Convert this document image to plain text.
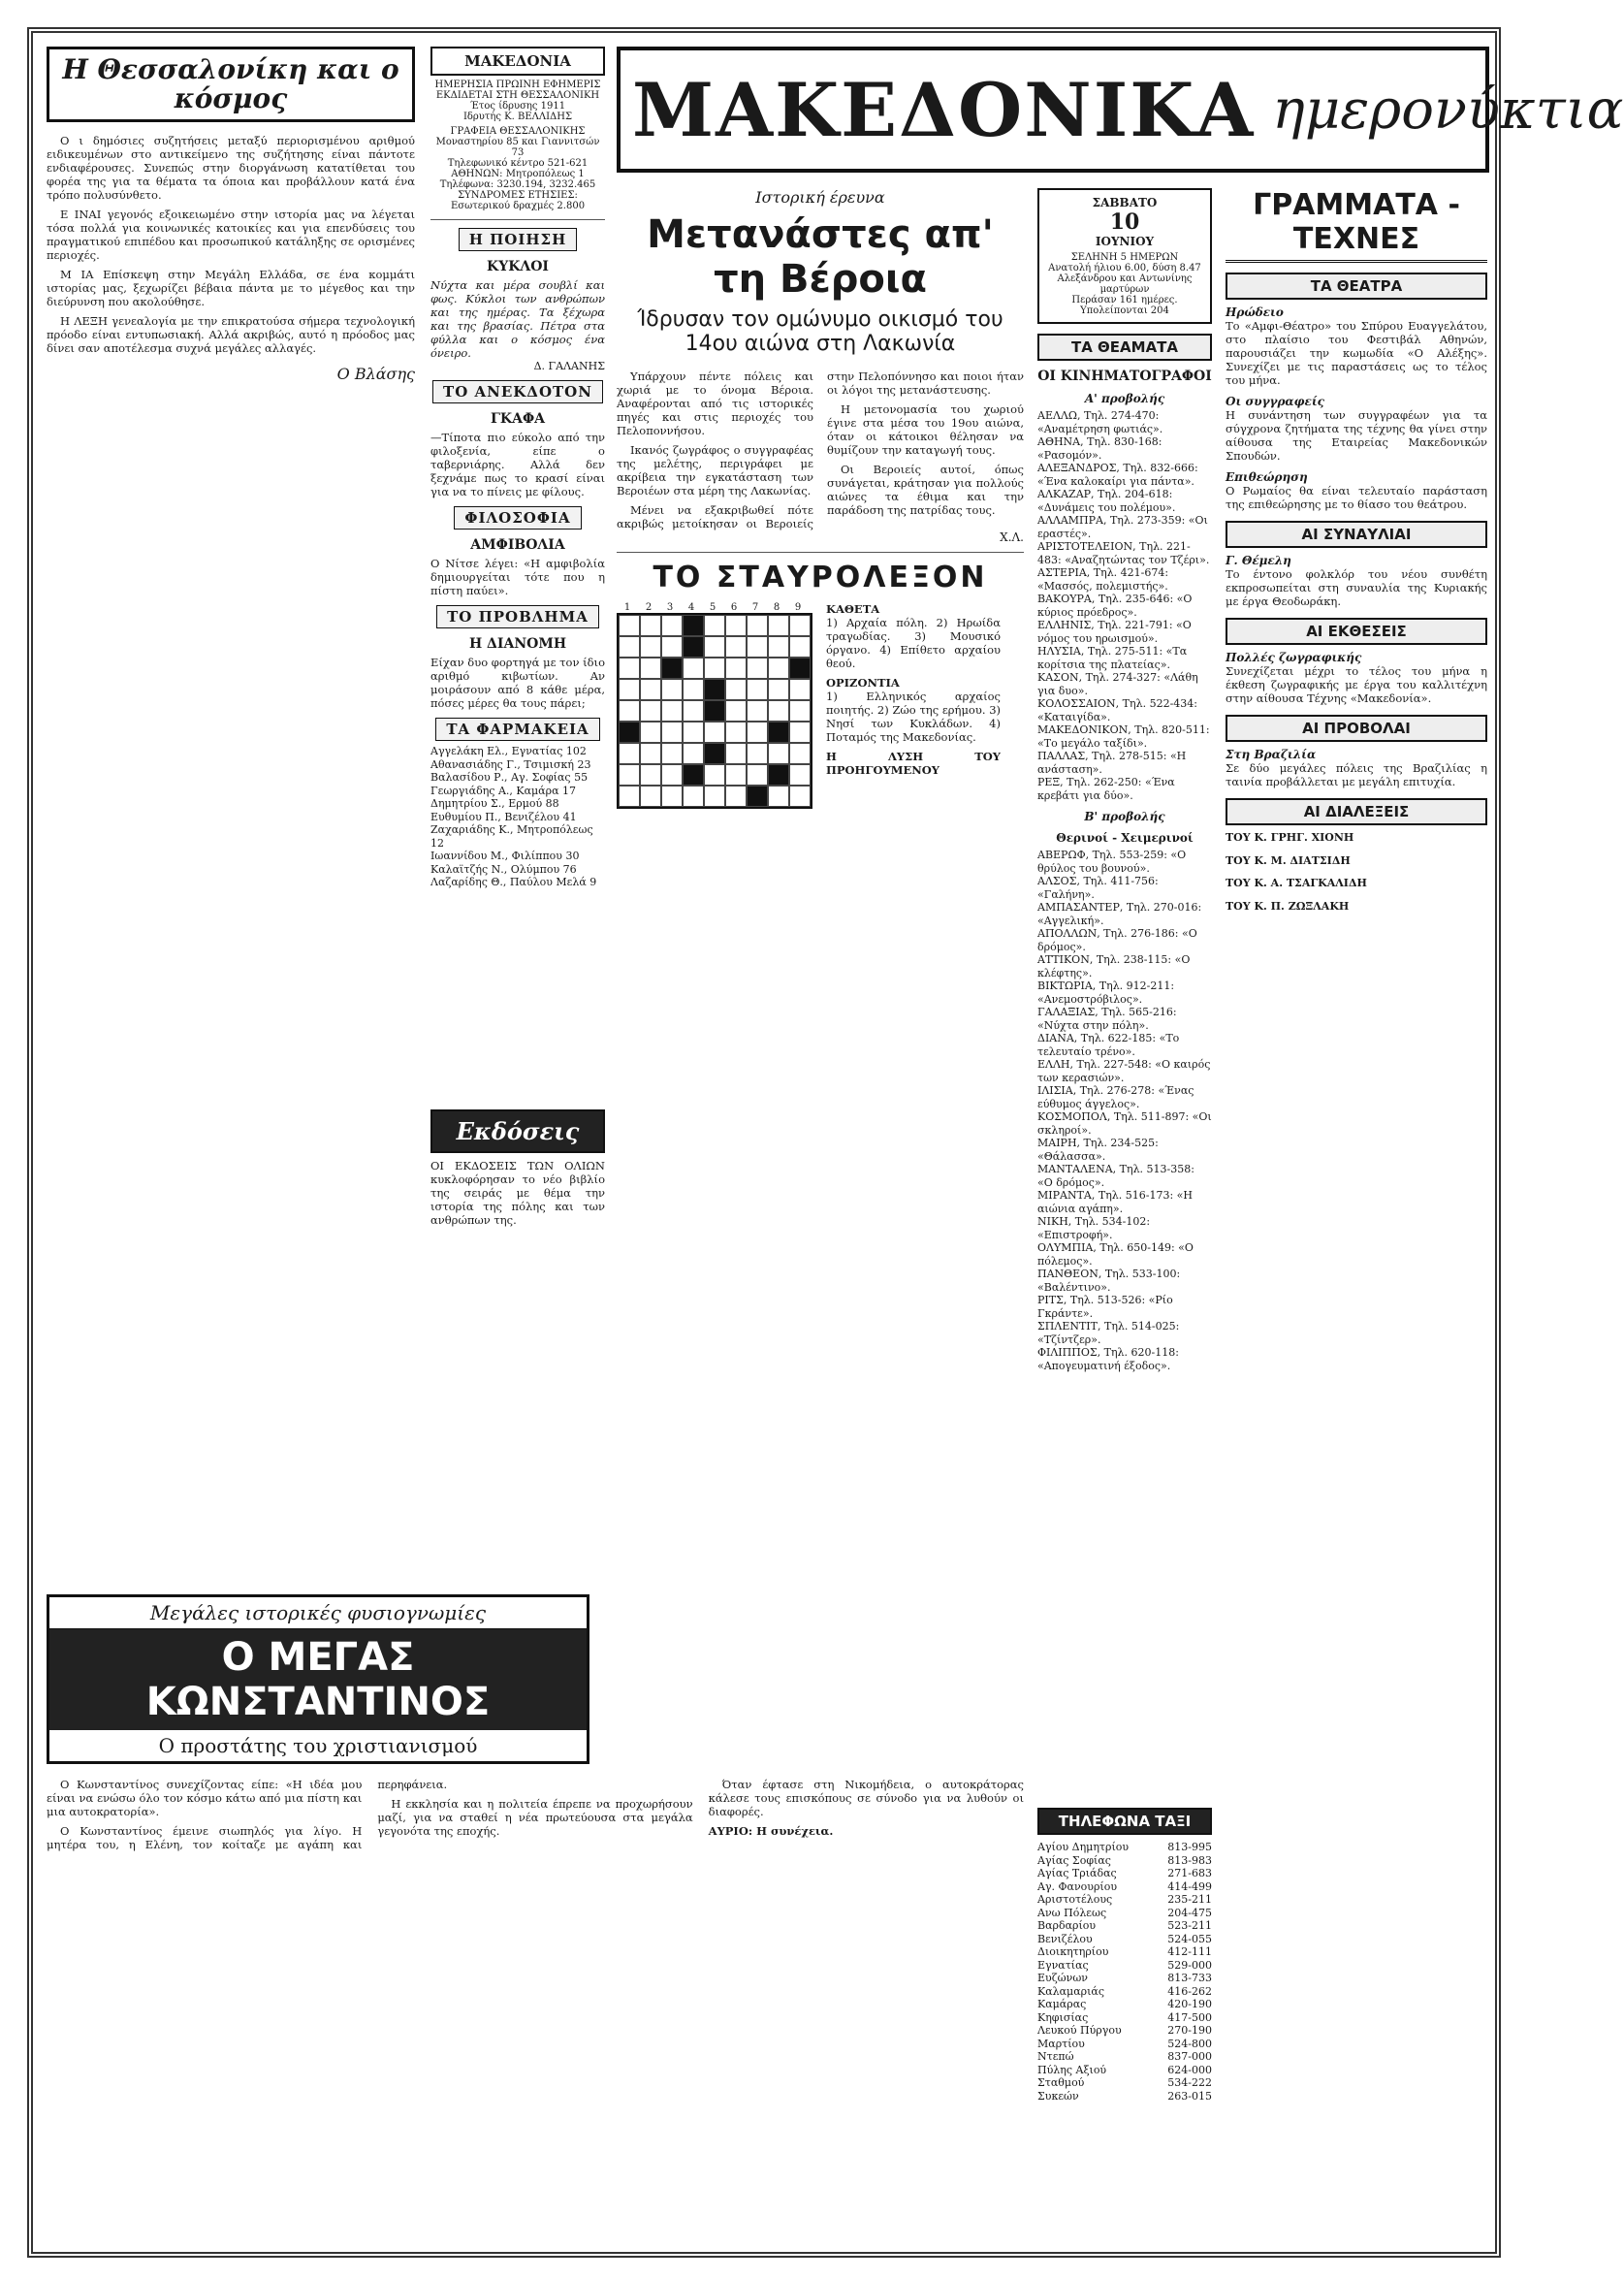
Η Θεσσαλονίκη και ο κόσμος

Ο ι δημόσιες συζητήσεις μεταξύ περιορισμένου αριθμού ειδικευμένων στο αντικείμενο της συζήτησης είναι πάντοτε ενδιαφέρουσες. Συνεπώς στην διοργάνωση κατατίθεται του φορέα της για τα θέματα τα όποια και προβάλλουν κατά ένα τρόπο πολυσύνθετο.

Ε ΙΝΑΙ γεγονός εξοικειωμένο στην ιστορία μας να λέγεται τόσα πολλά για κοινωνικές κατοικίες και για επενδύσεις του πραγματικού επιπέδου και προσωπικού κατάληξης σε ορισμένες περιοχές.

Μ ΙΑ Επίσκεψη στην Μεγάλη Ελλάδα, σε ένα κομμάτι ιστορίας μας, ξεχωρίζει βέβαια πάντα με το μέγεθος και την διεύρυνση που ακολούθησε.

Η ΛΕΞΗ γενεαλογία με την επικρατούσα σήμερα τεχνολογική πρόοδο είναι εντυπωσιακή. Αλλά ακριβώς, αυτό η πρόοδος μας δίνει σαν αποτέλεσμα συχνά μεγάλες αλλαγές.

Ο Βλάσης
ΜΑΚΕΔΟΝΙΑ
ΗΜΕΡΗΣΙΑ ΠΡΩΙΝΗ ΕΦΗΜΕΡΙΣ ΕΚΔΙΔΕΤΑΙ ΣΤΗ ΘΕΣΣΑΛΟΝΙΚΗ
Έτος ίδρυσης 1911
Ιδρυτής Κ. ΒΕΛΛΙΔΗΣ
ΓΡΑΦΕΙΑ ΘΕΣΣΑΛΟΝΙΚΗΣ Μοναστηρίου 85 και Γιαννιτσών 73
Τηλεφωνικό κέντρο 521-621
ΑΘΗΝΩΝ: Μητροπόλεως 1 Τηλέφωνα: 3230.194, 3232.465
ΣΥΝΔΡΟΜΕΣ ΕΤΗΣΙΕΣ: Εσωτερικού δραχμές 2.800
Η ΠΟΙΗΣΗ
ΚΥΚΛΟΙ
Νύχτα και μέρα σουβλί και φως. Κύκλοι των ανθρώπων και της ημέρας. Τα ξέχωρα και της βρασίας. Πέτρα στα φύλλα και ο κόσμος ένα όνειρο.
Δ. ΓΑΛΑΝΗΣ
ΤΟ ΑΝΕΚΔΟΤΟΝ
ΓΚΑΦΑ
—Τίποτα πιο εύκολο από την φιλοξενία, είπε ο ταβερνιάρης. Αλλά δεν ξεχνάμε πως το κρασί είναι για να το πίνεις με φίλους.
ΦΙΛΟΣΟΦΙΑ
ΑΜΦΙΒΟΛΙΑ
Ο Νίτσε λέγει: «Η αμφιβολία δημιουργείται τότε που η πίστη παύει».
ΤΟ ΠΡΟΒΛΗΜΑ
Η ΔΙΑΝΟΜΗ
Είχαν δυο φορτηγά με τον ίδιο αριθμό κιβωτίων. Αν μοιράσουν από 8 κάθε μέρα, πόσες μέρες θα τους πάρει;
ΤΑ ΦΑΡΜΑΚΕΙΑ
Αγγελάκη Ελ., Εγνατίας 102
Αθανασιάδης Γ., Τσιμισκή 23
Βαλασίδου Ρ., Αγ. Σοφίας 55
Γεωργιάδης Α., Καμάρα 17
Δημητρίου Σ., Ερμού 88
Ευθυμίου Π., Βενιζέλου 41
Ζαχαριάδης Κ., Μητροπόλεως 12
Ιωαννίδου Μ., Φιλίππου 30
Καλαϊτζής Ν., Ολύμπου 76
Λαζαρίδης Θ., Παύλου Μελά 9
ΜΑΚΕΔΟΝΙΚΑ ημερονύκτια
Ιστορική έρευνα
Μετανάστες απ' τη Βέροια
Ίδρυσαν τον ομώνυμο οικισμό του 14ου αιώνα στη Λακωνία

Υπάρχουν πέντε πόλεις και χωριά με το όνομα Βέροια. Αναφέρονται από τις ιστορικές πηγές και στις περιοχές του Πελοποννήσου.

Ικανός ζωγράφος ο συγγραφέας της μελέτης, περιγράφει με ακρίβεια την εγκατάσταση των Βεροιέων στα μέρη της Λακωνίας.

Μένει να εξακριβωθεί πότε ακριβώς μετοίκησαν οι Βεροιείς στην Πελοπόννησο και ποιοι ήταν οι λόγοι της μετανάστευσης.

Η μετονομασία του χωριού έγινε στα μέσα του 19ου αιώνα, όταν οι κάτοικοι θέλησαν να θυμίζουν την καταγωγή τους.

Οι Βεροιείς αυτοί, όπως συνάγεται, κράτησαν για πολλούς αιώνες τα έθιμα και την παράδοση της πατρίδας τους.

Χ.Λ.
ΤΟ ΣΤΑΥΡΟΛΕΞΟΝ
1	2	3	4	5	6	7	8	9	ΚΑΘΕΤΑ
1) Αρχαία πόλη. 2) Ηρωίδα τραγωδίας. 3) Μουσικό όργανο. 4) Επίθετο αρχαίου θεού.
ΟΡΙΖΟΝΤΙΑ
1) Ελληνικός αρχαίος ποιητής. 2) Ζώο της ερήμου. 3) Νησί των Κυκλάδων. 4) Ποταμός της Μακεδονίας.
Η ΛΥΣΗ ΤΟΥ ΠΡΟΗΓΟΥΜΕΝΟΥ
Εκδόσεις
ΟΙ ΕΚΔΟΣΕΙΣ ΤΩΝ ΟΛΙΩΝ κυκλοφόρησαν το νέο βιβλίο της σειράς με θέμα την ιστορία της πόλης και των ανθρώπων της.
ΣΑΒΒΑΤΟ
10
ΙΟΥΝΙΟΥ
ΣΕΛΗΝΗ 5 ΗΜΕΡΩΝ
Ανατολή ήλιου 6.00, δύση 8.47
Αλεξάνδρου και Αντωνίνης μαρτύρων
Περάσαν 161 ημέρες. Υπολείπονται 204
ΤΑ ΘΕΑΜΑΤΑ
ΟΙ ΚΙΝΗΜΑΤΟΓΡΑΦΟΙ
Α' προβολής
ΑΕΛΛΩ, Τηλ. 274-470: «Αναμέτρηση φωτιάς».
ΑΘΗΝΑ, Τηλ. 830-168: «Ρασομόν».
ΑΛΕΞΑΝΔΡΟΣ, Τηλ. 832-666: «Ένα καλοκαίρι για πάντα».
ΑΛΚΑΖΑΡ, Τηλ. 204-618: «Δυνάμεις του πολέμου».
ΑΛΛΑΜΠΡΑ, Τηλ. 273-359: «Οι εραστές».
ΑΡΙΣΤΟΤΕΛΕΙΟΝ, Τηλ. 221-483: «Αναζητώντας τον Τζέρι».
ΑΣΤΕΡΙΑ, Τηλ. 421-674: «Μασσός, πολεμιστής».
ΒΑΚΟΥΡΑ, Τηλ. 235-646: «Ο κύριος πρόεδρος».
ΕΛΛΗΝΙΣ, Τηλ. 221-791: «Ο νόμος του ηρωισμού».
ΗΛΥΣΙΑ, Τηλ. 275-511: «Τα κορίτσια της πλατείας».
ΚΑΣΟΝ, Τηλ. 274-327: «Λάθη για δυο».
ΚΟΛΟΣΣΑΙΟΝ, Τηλ. 522-434: «Καταιγίδα».
ΜΑΚΕΔΟΝΙΚΟΝ, Τηλ. 820-511: «Το μεγάλο ταξίδι».
ΠΑΛΛΑΣ, Τηλ. 278-515: «Η ανάσταση».
ΡΕΞ, Τηλ. 262-250: «Ένα κρεβάτι για δύο».
Β' προβολής
Θερινοί - Χειμερινοί
ΑΒΕΡΩΦ, Τηλ. 553-259: «Ο θρύλος του βουνού».
ΑΛΣΟΣ, Τηλ. 411-756: «Γαλήνη».
ΑΜΠΑΣΑΝΤΕΡ, Τηλ. 270-016: «Αγγελική».
ΑΠΟΛΛΩΝ, Τηλ. 276-186: «Ο δρόμος».
ΑΤΤΙΚΟΝ, Τηλ. 238-115: «Ο κλέφτης».
ΒΙΚΤΩΡΙΑ, Τηλ. 912-211: «Ανεμοστρόβιλος».
ΓΑΛΑΞΙΑΣ, Τηλ. 565-216: «Νύχτα στην πόλη».
ΔΙΑΝΑ, Τηλ. 622-185: «Το τελευταίο τρένο».
ΕΛΛΗ, Τηλ. 227-548: «Ο καιρός των κερασιών».
ΙΛΙΣΙΑ, Τηλ. 276-278: «Ένας εύθυμος άγγελος».
ΚΟΣΜΟΠΟΛ, Τηλ. 511-897: «Οι σκληροί».
ΜΑΙΡΗ, Τηλ. 234-525: «Θάλασσα».
ΜΑΝΤΑΛΕΝΑ, Τηλ. 513-358: «Ο δρόμος».
ΜΙΡΑΝΤΑ, Τηλ. 516-173: «Η αιώνια αγάπη».
ΝΙΚΗ, Τηλ. 534-102: «Επιστροφή».
ΟΛΥΜΠΙΑ, Τηλ. 650-149: «Ο πόλεμος».
ΠΑΝΘΕΟΝ, Τηλ. 533-100: «Βαλέντινο».
ΡΙΤΣ, Τηλ. 513-526: «Ρίο Γκράντε».
ΣΠΛΕΝΤΙΤ, Τηλ. 514-025: «Τζίντζερ».
ΦΙΛΙΠΠΟΣ, Τηλ. 620-118: «Απογευματινή έξοδος».
ΤΗΛΕΦΩΝΑ ΤΑΞΙ
Αγίου Δημητρίου	813-995
Αγίας Σοφίας	813-983
Αγίας Τριάδας	271-683
Αγ. Φανουρίου	414-499
Αριστοτέλους	235-211
Ανω Πόλεως	204-475
Βαρδαρίου	523-211
Βενιζέλου	524-055
Διοικητηρίου	412-111
Εγνατίας	529-000
Ευζώνων	813-733
Καλαμαριάς	416-262
Καμάρας	420-190
Κηφισίας	417-500
Λευκού Πύργου	270-190
Μαρτίου	524-800
Ντεπώ	837-000
Πύλης Αξιού	624-000
Σταθμού	534-222
Συκεών	263-015
ΓΡΑΜΜΑΤΑ - ΤΕΧΝΕΣ
ΤΑ ΘΕΑΤΡΑ
Ηρώδειο
Το «Αμφι-Θέατρο» του Σπύρου Ευαγγελάτου, στο πλαίσιο του Φεστιβάλ Αθηνών, παρουσιάζει την κωμωδία «Ο Αλέξης». Συνεχίζει με τις παραστάσεις ως το τέλος του μήνα.
Οι συγγραφείς
Η συνάντηση των συγγραφέων για τα σύγχρονα ζητήματα της τέχνης θα γίνει στην αίθουσα της Εταιρείας Μακεδονικών Σπουδών.
Επιθεώρηση
Ο Ρωμαίος θα είναι τελευταίο παράσταση της επιθεώρησης με το θίασο του θεάτρου.
ΑΙ ΣΥΝΑΥΛΙΑΙ
Γ. Θέμελη
Το έντονο φολκλόρ του νέου συνθέτη εκπροσωπείται στη συναυλία της Κυριακής με έργα Θεοδωράκη.
ΑΙ ΕΚΘΕΣΕΙΣ
Πολλές ζωγραφικής
Συνεχίζεται μέχρι το τέλος του μήνα η έκθεση ζωγραφικής με έργα του καλλιτέχνη στην αίθουσα Τέχνης «Μακεδονία».
ΑΙ ΠΡΟΒΟΛΑΙ
Στη Βραζιλία
Σε δύο μεγάλες πόλεις της Βραζιλίας η ταινία προβάλλεται με μεγάλη επιτυχία.
ΑΙ ΔΙΑΛΕΞΕΙΣ
ΤΟΥ Κ. ΓΡΗΓ. ΧΙΟΝΗ
ΤΟΥ Κ. Μ. ΔΙΑΤΣΙΔΗ
ΤΟΥ Κ. Α. ΤΣΑΓΚΑΛΙΔΗ
ΤΟΥ Κ. Π. ΖΩΞΛΑΚΗ
Μεγάλες ιστορικές φυσιογνωμίες
Ο ΜΕΓΑΣ ΚΩΝΣΤΑΝΤΙΝΟΣ
Ο προστάτης του χριστιανισμού

Ο Κωνσταντίνος συνεχίζοντας είπε: «Η ιδέα μου είναι να ενώσω όλο τον κόσμο κάτω από μια πίστη και μια αυτοκρατορία».

Ο Κωνσταντίνος έμεινε σιωπηλός για λίγο. Η μητέρα του, η Ελένη, τον κοίταζε με αγάπη και περηφάνεια.

Η εκκλησία και η πολιτεία έπρεπε να προχωρήσουν μαζί, για να σταθεί η νέα πρωτεύουσα στα μεγάλα γεγονότα της εποχής.

Όταν έφτασε στη Νικομήδεια, ο αυτοκράτορας κάλεσε τους επισκόπους σε σύνοδο για να λυθούν οι διαφορές.

ΑΥΡΙΟ: Η συνέχεια.
